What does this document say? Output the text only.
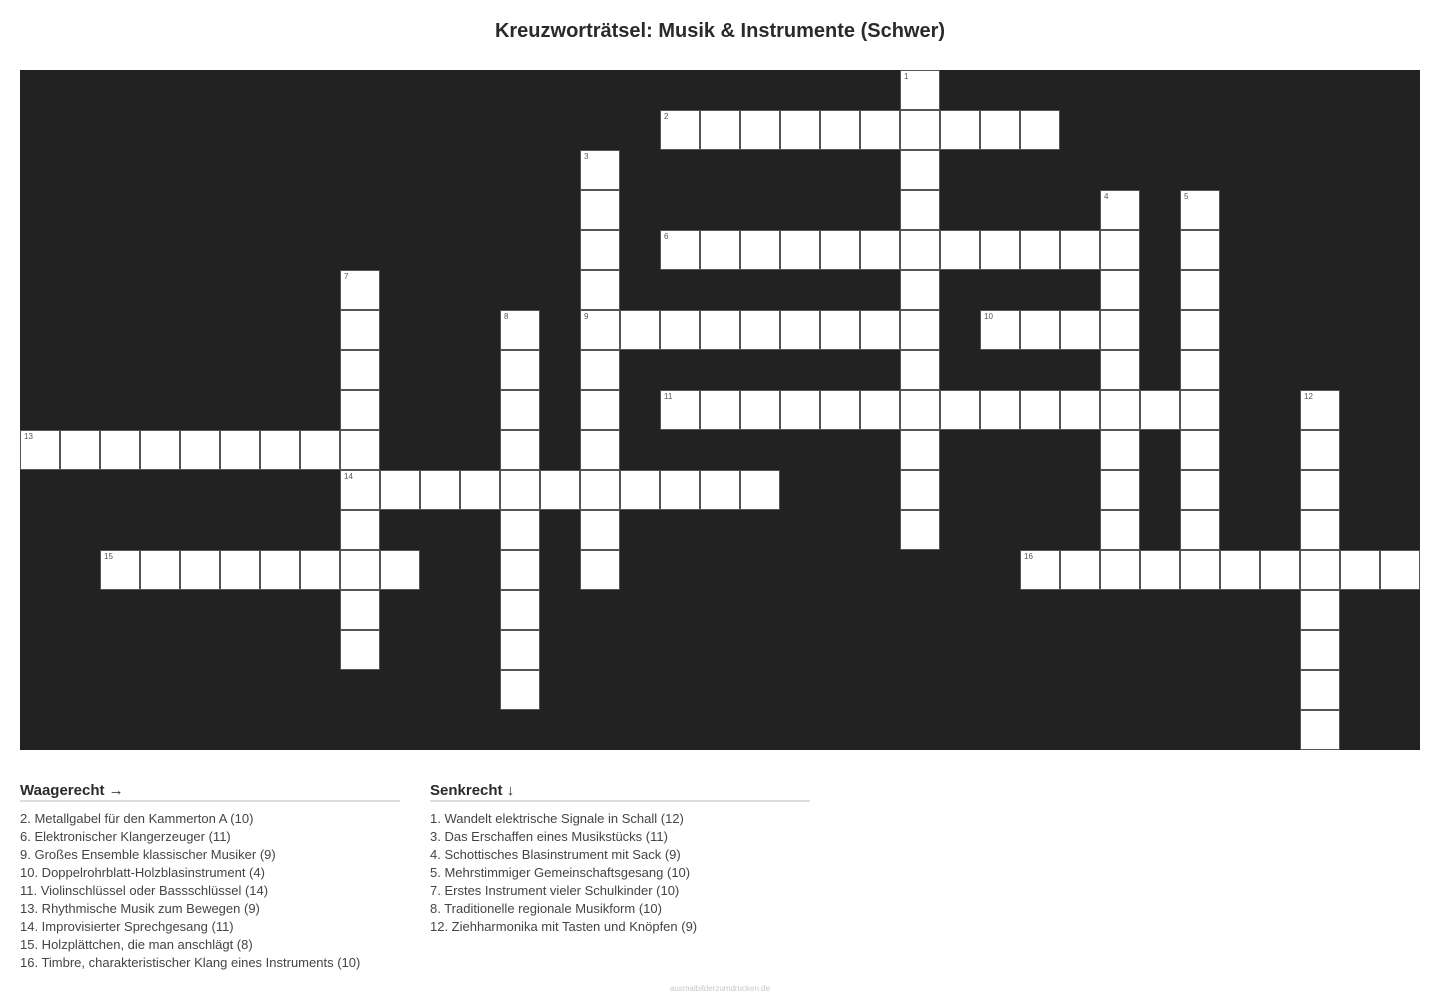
Kreuzworträtsel: Musik & Instrumente (Schwer)
1
2
3
9
4	5
6
7
14
8	10
11	12
13
15	16
Waagerecht →
2. Metallgabel für den Kammerton A (10)
6. Elektronischer Klangerzeuger (11)
9. Großes Ensemble klassischer Musiker (9)
10. Doppelrohrblatt-Holzblasinstrument (4)
11. Violinschlüssel oder Bassschlüssel (14)
13. Rhythmische Musik zum Bewegen (9)
14. Improvisierter Sprechgesang (11)
15. Holzplättchen, die man anschlägt (8)
16. Timbre, charakteristischer Klang eines Instruments (10)
Senkrecht ↓
1. Wandelt elektrische Signale in Schall (12)
3. Das Erschaffen eines Musikstücks (11)
4. Schottisches Blasinstrument mit Sack (9)
5. Mehrstimmiger Gemeinschaftsgesang (10)
7. Erstes Instrument vieler Schulkinder (10)
8. Traditionelle regionale Musikform (10)
12. Ziehharmonika mit Tasten und Knöpfen (9)
ausmalbilderzumdrucken.de
